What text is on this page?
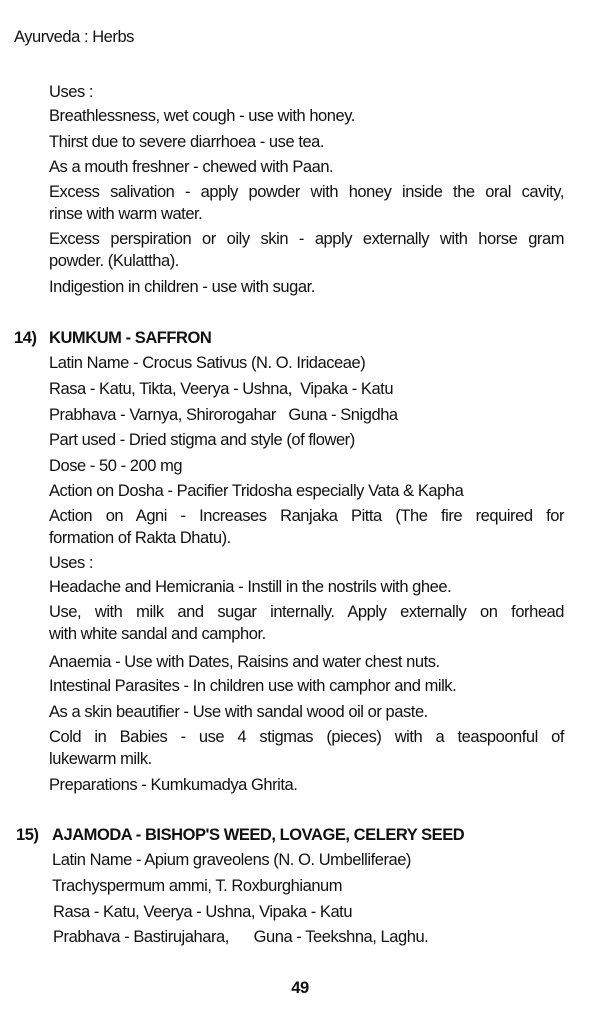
Ayurveda : Herbs
Uses :
Breathlessness, wet cough - use with honey.
Thirst due to severe diarrhoea - use tea.
As a mouth freshner - chewed with Paan.
Excess salivation - apply powder with honey inside the oral cavity,
rinse with warm water.
Excess perspiration or oily skin - apply externally with horse gram
powder. (Kulattha).
Indigestion in children - use with sugar.
14) KUMKUM - SAFFRON
Latin Name - Crocus Sativus (N. O. Iridaceae)
Rasa - Katu, Tikta, Veerya - Ushna,  Vipaka - Katu
Prabhava - Varnya, Shirorogahar   Guna - Snigdha
Part used - Dried stigma and style (of flower)
Dose - 50 - 200 mg
Action on Dosha - Pacifier Tridosha especially Vata & Kapha
Action on Agni - Increases Ranjaka Pitta (The fire required for
formation of Rakta Dhatu).
Uses :
Headache and Hemicrania - Instill in the nostrils with ghee.
Use, with milk and sugar internally. Apply externally on forhead
with white sandal and camphor.
Anaemia - Use with Dates, Raisins and water chest nuts.
Intestinal Parasites - In children use with camphor and milk.
As a skin beautifier - Use with sandal wood oil or paste.
Cold in Babies - use 4 stigmas (pieces) with a teaspoonful of
lukewarm milk.
Preparations - Kumkumadya Ghrita.
15) AJAMODA - BISHOP'S WEED, LOVAGE, CELERY SEED
Latin Name - Apium graveolens (N. O. Umbelliferae)
Trachyspermum ammi, T. Roxburghianum
Rasa - Katu, Veerya - Ushna, Vipaka - Katu
Prabhava - Bastirujahara,      Guna - Teekshna, Laghu.
49
